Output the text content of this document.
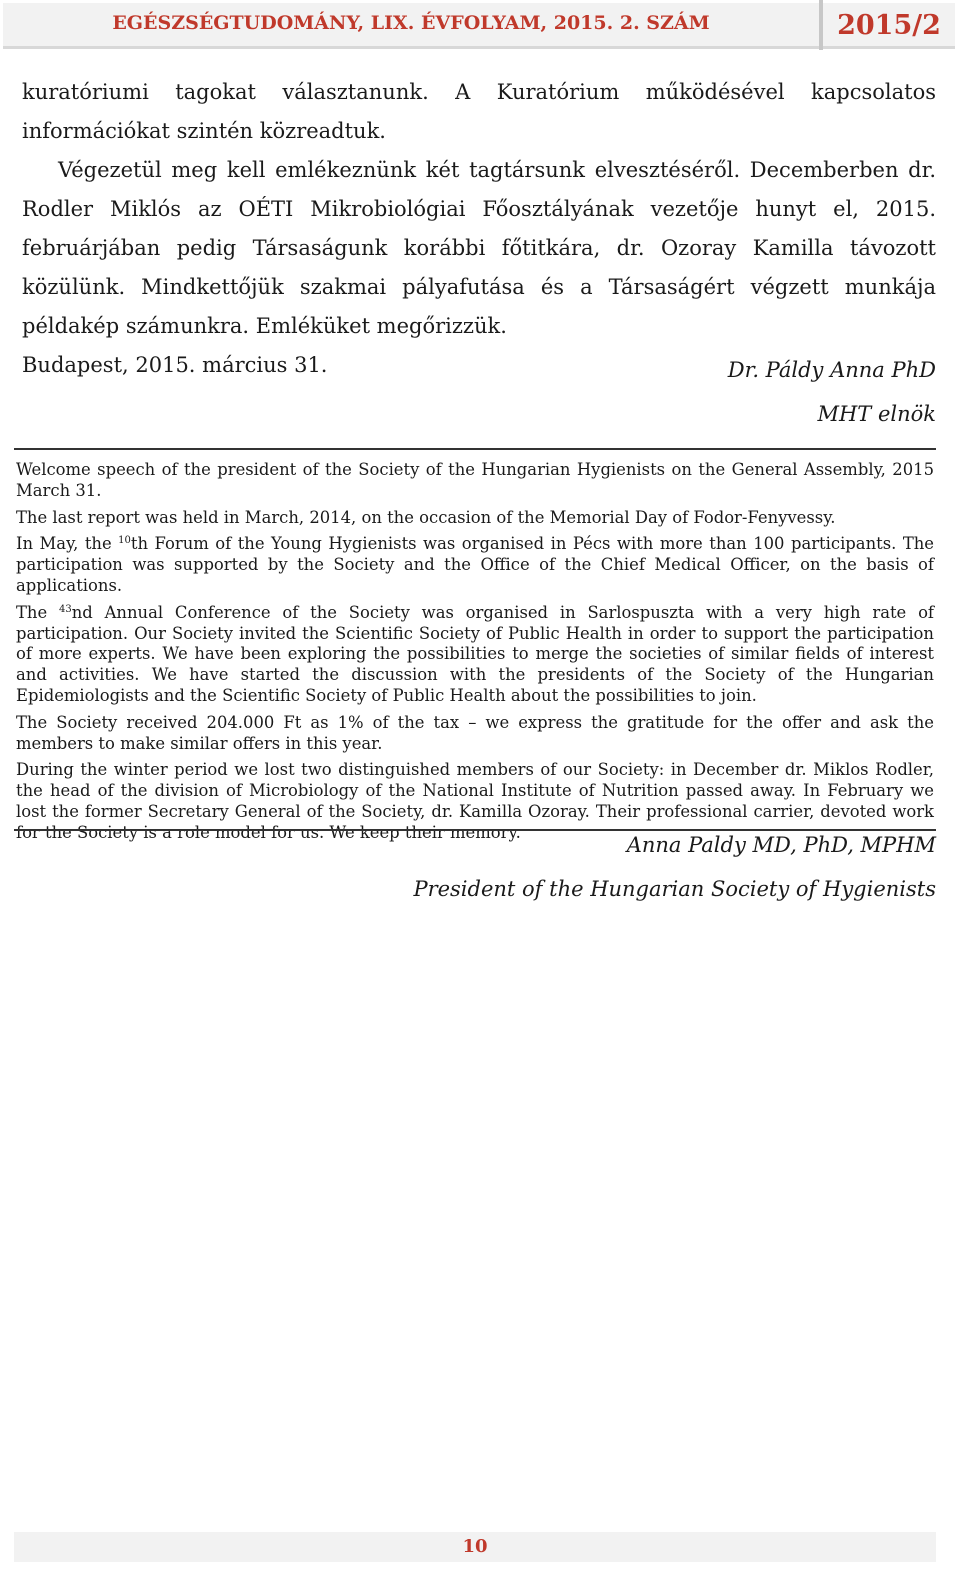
EGÉSZSÉGTUDOMÁNY, LIX. ÉVFOLYAM, 2015. 2. SZÁM	2015/2

kuratóriumi tagokat választanunk. A Kuratórium működésével kapcsolatos információkat szintén közreadtuk.

Végezetül meg kell emlékeznünk két tagtársunk elvesztéséről. Decemberben dr. Rodler Miklós az OÉTI Mikrobiológiai Főosztályának vezetője hunyt el, 2015. februárjában pedig Társaságunk korábbi főtitkára, dr. Ozoray Kamilla távozott közülünk. Mindkettőjük szakmai pályafutása és a Társaságért végzett munkája példakép számunkra. Emléküket megőrizzük.

Budapest, 2015. március 31.	Dr. Páldy Anna PhD
MHT elnök

Welcome speech of the president of the Society of the Hungarian Hygienists on the General Assembly, 2015 March 31.

The last report was held in March, 2014, on the occasion of the Memorial Day of Fodor-Fenyvessy.

In May, the $^{10}$th Forum of the Young Hygienists was organised in Pécs with more than 100 participants. The participation was supported by the Society and the Office of the Chief Medical Officer, on the basis of applications.

The $^{43}$nd Annual Conference of the Society was organised in Sarlospuszta with a very high rate of participation. Our Society invited the Scientific Society of Public Health in order to support the participation of more experts. We have been exploring the possibilities to merge the societies of similar fields of interest and activities. We have started the discussion with the presidents of the Society of the Hungarian Epidemiologists and the Scientific Society of Public Health about the possibilities to join.

The Society received 204.000 Ft as 1% of the tax – we express the gratitude for the offer and ask the members to make similar offers in this year.

During the winter period we lost two distinguished members of our Society: in December dr. Miklos Rodler, the head of the division of Microbiology of the National Institute of Nutrition passed away. In February we lost the former Secretary General of the Society, dr. Kamilla Ozoray. Their professional carrier, devoted work for the Society is a role model for us. We keep their memory.

Anna Paldy MD, PhD, MPHM
President of the Hungarian Society of Hygienists
10
